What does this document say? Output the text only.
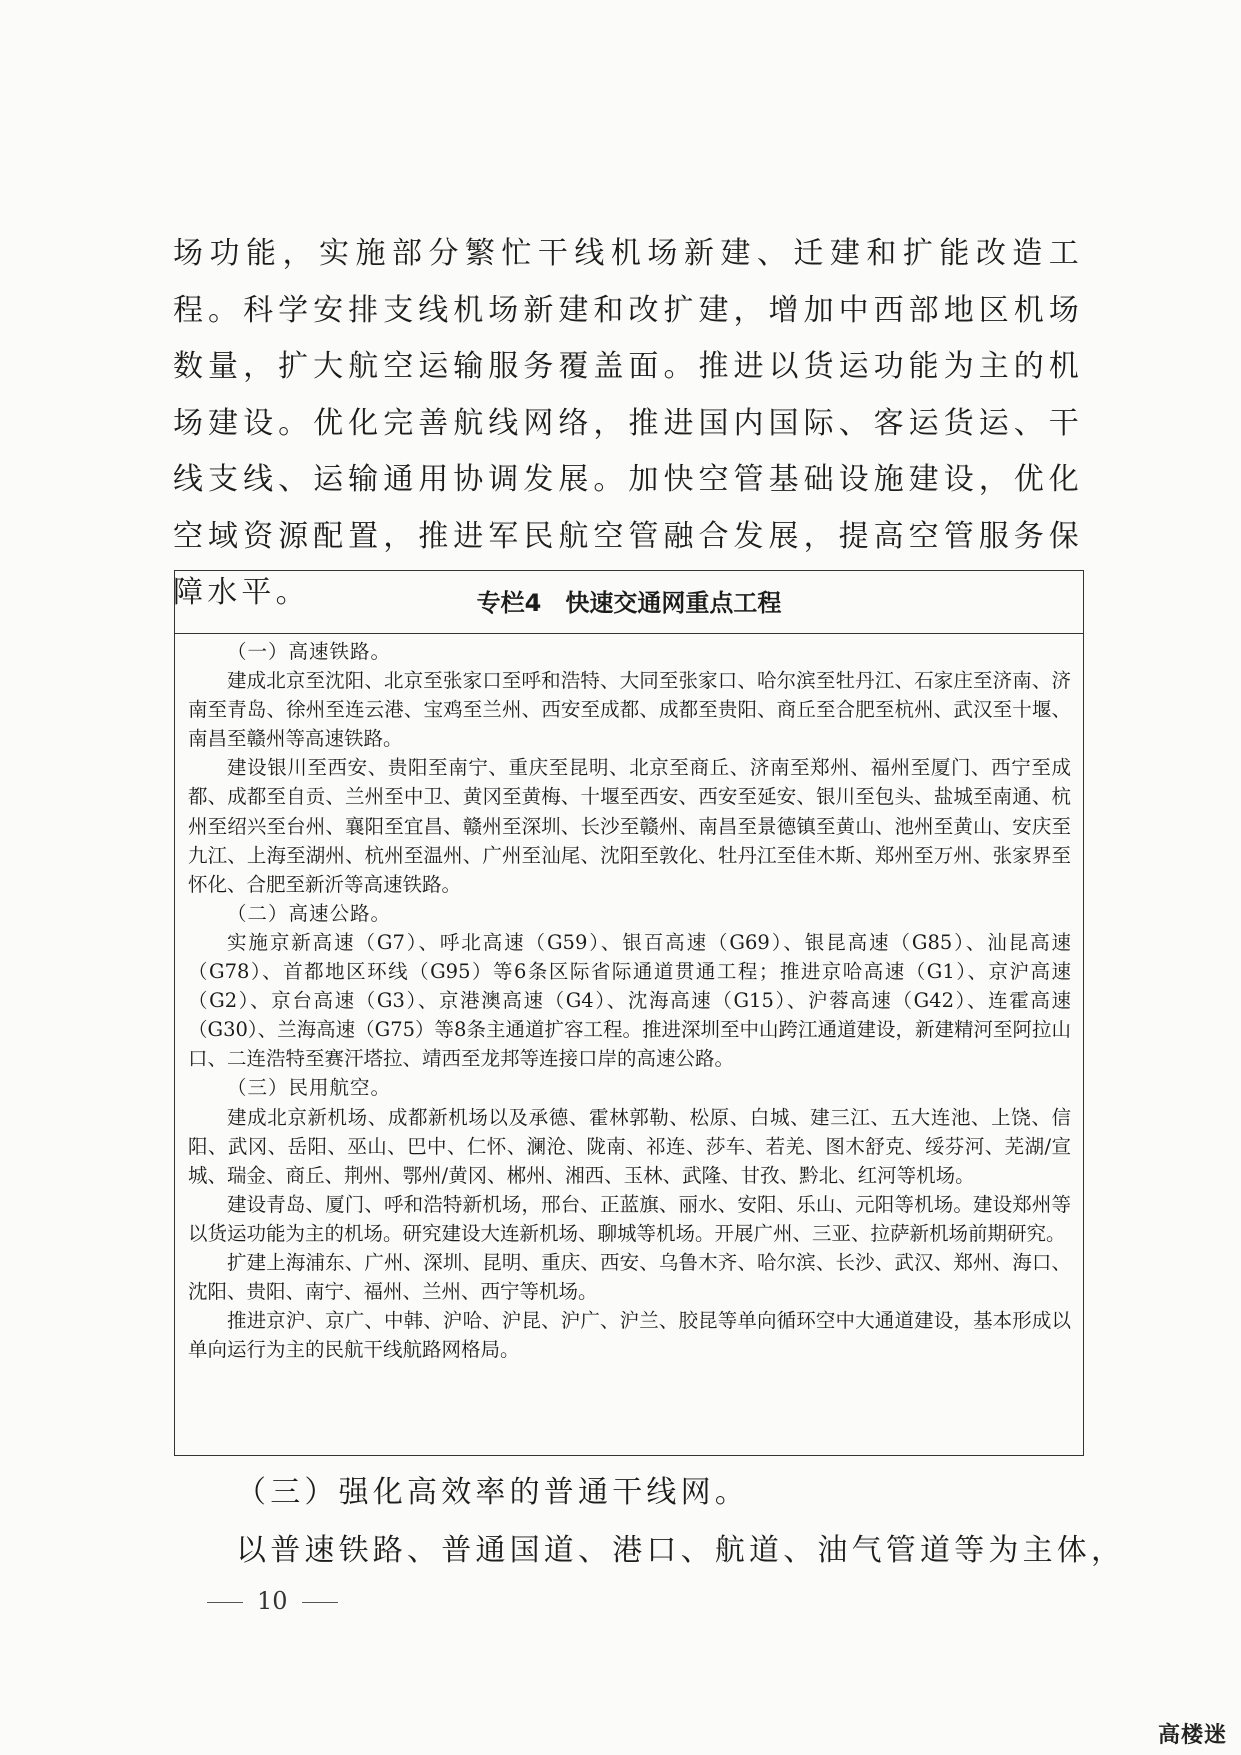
场功能，实施部分繁忙干线机场新建、迁建和扩能改造工程。科学安排支线机场新建和改扩建，增加中西部地区机场数量，扩大航空运输服务覆盖面。推进以货运功能为主的机场建设。优化完善航线网络，推进国内国际、客运货运、干线支线、运输通用协调发展。加快空管基础设施建设，优化空域资源配置，推进军民航空管融合发展，提高空管服务保障水平。	专栏4 快速交通网重点工程

（一）高速铁路。

建成北京至沈阳、北京至张家口至呼和浩特、大同至张家口、哈尔滨至牡丹江、石家庄至济南、济南至青岛、徐州至连云港、宝鸡至兰州、西安至成都、成都至贵阳、商丘至合肥至杭州、武汉至十堰、南昌至赣州等高速铁路。

建设银川至西安、贵阳至南宁、重庆至昆明、北京至商丘、济南至郑州、福州至厦门、西宁至成都、成都至自贡、兰州至中卫、黄冈至黄梅、十堰至西安、西安至延安、银川至包头、盐城至南通、杭州至绍兴至台州、襄阳至宜昌、赣州至深圳、长沙至赣州、南昌至景德镇至黄山、池州至黄山、安庆至九江、上海至湖州、杭州至温州、广州至汕尾、沈阳至敦化、牡丹江至佳木斯、郑州至万州、张家界至怀化、合肥至新沂等高速铁路。

（二）高速公路。

实施京新高速（G7）、呼北高速（G59）、银百高速（G69）、银昆高速（G85）、汕昆高速（G78）、首都地区环线（G95）等6条区际省际通道贯通工程；推进京哈高速（G1）、京沪高速（G2）、京台高速（G3）、京港澳高速（G4）、沈海高速（G15）、沪蓉高速（G42）、连霍高速（G30）、兰海高速（G75）等8条主通道扩容工程。推进深圳至中山跨江通道建设，新建精河至阿拉山口、二连浩特至赛汗塔拉、靖西至龙邦等连接口岸的高速公路。

（三）民用航空。

建成北京新机场、成都新机场以及承德、霍林郭勒、松原、白城、建三江、五大连池、上饶、信阳、武冈、岳阳、巫山、巴中、仁怀、澜沧、陇南、祁连、莎车、若羌、图木舒克、绥芬河、芜湖/宣城、瑞金、商丘、荆州、鄂州/黄冈、郴州、湘西、玉林、武隆、甘孜、黔北、红河等机场。

建设青岛、厦门、呼和浩特新机场，邢台、正蓝旗、丽水、安阳、乐山、元阳等机场。建设郑州等以货运功能为主的机场。研究建设大连新机场、聊城等机场。开展广州、三亚、拉萨新机场前期研究。

扩建上海浦东、广州、深圳、昆明、重庆、西安、乌鲁木齐、哈尔滨、长沙、武汉、郑州、海口、沈阳、贵阳、南宁、福州、兰州、西宁等机场。

推进京沪、京广、中韩、沪哈、沪昆、沪广、沪兰、胶昆等单向循环空中大通道建设，基本形成以单向运行为主的民航干线航路网格局。

（三）强化高效率的普通干线网。

以普速铁路、普通国道、港口、航道、油气管道等为主体，

10

高楼迷
